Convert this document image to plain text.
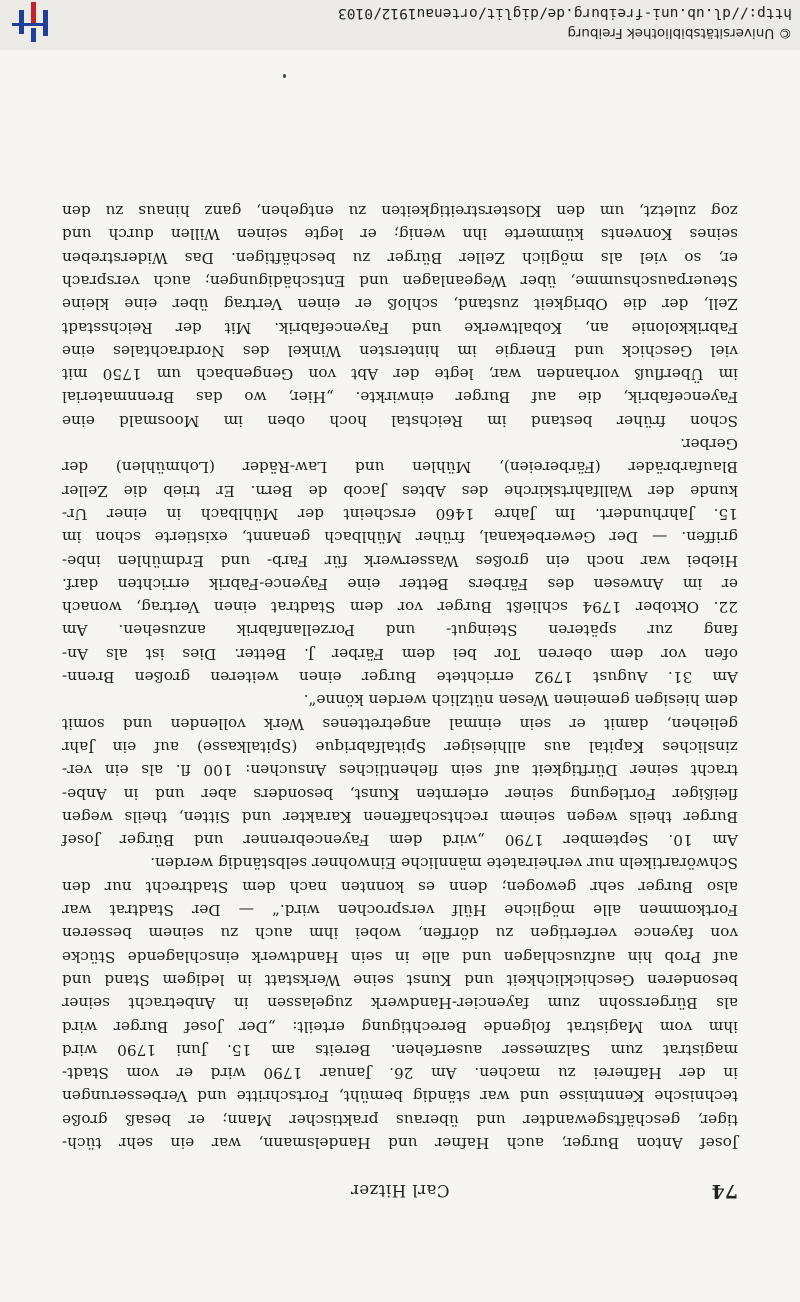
74
Carl Hitzer

Josef Anton Burger, auch Hafner und Handelsmann, war ein sehr tüch-
tiger, geschäftsgewandter und überaus praktischer Mann; er besaß große
technische Kenntnisse und war ständig bemüht, Fortschritte und Verbesserungen
in der Hafnerei zu machen. Am 26. Januar 1790 wird er vom Stadt-
magistrat zum Salzmesser auserſehen. Bereits am 15. Juni 1790 wird
ihm vom Magistrat folgende Berechtigung erteilt: „Der Josef Burger wird
als Bürgerssohn zum fayencier-Handwerk zugelassen in Anbetracht seiner
besonderen Geschicklichkeit und Kunst seine Werkstatt in ledigem Stand und
auf Prob hin aufzuschlagen und alle in sein Handtwerk einschlagende Stücke
von fayence verfertigen zu dörffen, wobei ihm auch zu seinem besseren
Fortkommen alle mögliche Hülf versprochen wird.“ — Der Stadtrat war
also Burger sehr gewogen; denn es konnten nach dem Stadtrecht nur den
Schwörartikeln nur verheiratete männliche Einwohner selbständig werden.

Am 10. September 1790 „wird dem Fayencebrenner und Bürger Josef
Burger theils wegen seinem rechtschaffenen Karakter und Sitten, theils wegen
fleißiger Fortlegung seiner erlernten Kunst, besonders aber und in Anbe-
tracht seiner Dürftigkeit auf sein flehentliches Ansuchen: 100 fl. als ein ver-
zinsliches Kapital aus allhiesiger Spitalfabrique (Spitalkasse) auf ein Jahr
geliehen, damit er sein einmal angetrettenes Werk vollenden und somit
dem hiesigen gemeinen Wesen nützlich werden könne“.

Am 31. August 1792 errichtete Burger einen weiteren großen Brenn-
ofen vor dem oberen Tor bei dem Färber J. Better. Dies ist als An-
fang zur späteren Steingut- und Porzellanfabrik anzusehen. Am
22. Oktober 1794 schließt Burger vor dem Stadtrat einen Vertrag, wonach
er im Anwesen des Färbers Better eine Fayence-Fabrik errichten darf.
Hiebei war noch ein großes Wasserwerk für Farb- und Erdmühlen inbe-
griffen. — Der Gewerbekanal, früher Mühlbach genannt, existierte schon im
15. Jahrhundert. Im Jahre 1460 erscheint der Mühlbach in einer Ur-
kunde der Wallfahrtskirche des Abtes Jacob de Bern. Er trieb die Zeller
Blaufarbräder (Färbereien), Mühlen und Law-Räder (Lohmühlen) der
Gerber.

Schon früher bestand im Reichstal hoch oben im Moosmald eine
Fayencefabrik, die auf Burger einwirkte. „Hier, wo das Brennmaterial
im Überfluß vorhanden war, legte der Abt von Gengenbach um 1750 mit
viel Geschick und Energie im hintersten Winkel des Nordrachtales eine
Fabrikkolonie an, Kobaltwerke und Fayencefabrik. Mit der Reichsstadt
Zell, der die Obrigkeit zustand, schloß er einen Vertrag über eine kleine
Steuerpauschsumme, über Wegeanlagen und Entschädigungen; auch versprach
er, so viel als möglich Zeller Bürger zu beschäftigen. Das Widerstreben
seines Konvents kümmerte ihn wenig; er legte seinen Willen durch und
zog zuletzt, um den Klosterstreitigkeiten zu entgehen, ganz hinaus zu den

http://dl.ub.uni-freiburg.de/diglit/ortenau1912/0103
© Universitätsbibliothek Freiburg
